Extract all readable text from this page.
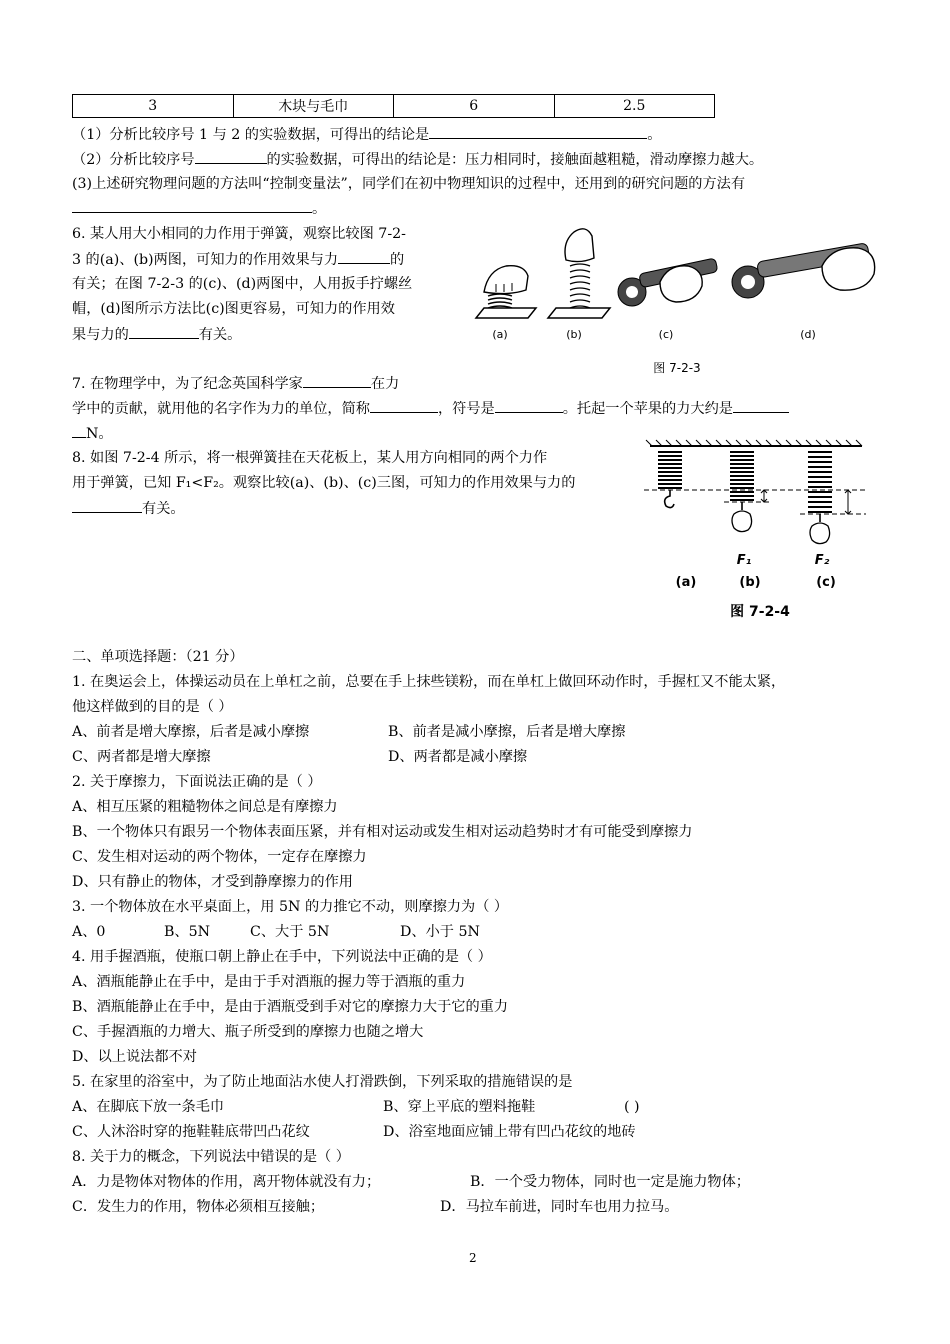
3	木块与毛巾	6	2.5
（1）分析比较序号 1 与 2 的实验数据，可得出的结论是	。
（2）分析比较序号	的实验数据，可得出的结论是：压力相同时，接触面越粗糙，滑动摩擦力越大。
(3)上述研究物理问题的方法叫“控制变量法”，同学们在初中物理知识的过程中，还用到的研究问题的方法有
。
6. 某人用大小相同的力作用于弹簧，观察比较图 7-2-
3 的(a)、(b)两图，可知力的作用效果与力	的
有关；在图 7-2-3 的(c)、(d)两图中，人用扳手拧螺丝
帽，(d)图所示方法比(c)图更容易，可知力的作用效
果与力的	有关。	(a)	(b)	(c)	(d)
图 7-2-3
7. 在物理学中，为了纪念英国科学家	在力
学中的贡献，就用他的名字作为力的单位，简称	，符号是	。托起一个苹果的力大约是
N。
8. 如图 7-2-4 所示，将一根弹簧挂在天花板上，某人用方向相同的两个力作
用于弹簧，已知 F₁<F₂。观察比较(a)、(b)、(c)三图，可知力的作用效果与力的
有关。
F₁	F₂
(a)	(b)	(c)
图 7-2-4
二、单项选择题：（21 分）
1. 在奥运会上，体操运动员在上单杠之前，总要在手上抹些镁粉，而在单杠上做回环动作时，手握杠又不能太紧，
他这样做到的目的是（ ）
A、前者是增大摩擦，后者是减小摩擦	B、前者是减小摩擦，后者是增大摩擦
C、两者都是增大摩擦	D、两者都是减小摩擦
2. 关于摩擦力，下面说法正确的是（ ）
A、相互压紧的粗糙物体之间总是有摩擦力
B、一个物体只有跟另一个物体表面压紧，并有相对运动或发生相对运动趋势时才有可能受到摩擦力
C、发生相对运动的两个物体，一定存在摩擦力
D、只有静止的物体，才受到静摩擦力的作用
3. 一个物体放在水平桌面上，用 5N 的力推它不动，则摩擦力为（ ）
A、0	B、5N	C、大于 5N	D、小于 5N
4. 用手握酒瓶，使瓶口朝上静止在手中，下列说法中正确的是（ ）
A、酒瓶能静止在手中，是由于手对酒瓶的握力等于酒瓶的重力
B、酒瓶能静止在手中，是由于酒瓶受到手对它的摩擦力大于它的重力
C、手握酒瓶的力增大、瓶子所受到的摩擦力也随之增大
D、以上说法都不对
5. 在家里的浴室中，为了防止地面沾水使人打滑跌倒，下列采取的措施错误的是
A、在脚底下放一条毛巾	B、穿上平底的塑料拖鞋	( )
C、人沐浴时穿的拖鞋鞋底带凹凸花纹	D、浴室地面应铺上带有凹凸花纹的地砖
8. 关于力的概念，下列说法中错误的是（ ）
A．力是物体对物体的作用，离开物体就没有力；	B．一个受力物体，同时也一定是施力物体；
C．发生力的作用，物体必须相互接触；	D．马拉车前进，同时车也用力拉马。
2
